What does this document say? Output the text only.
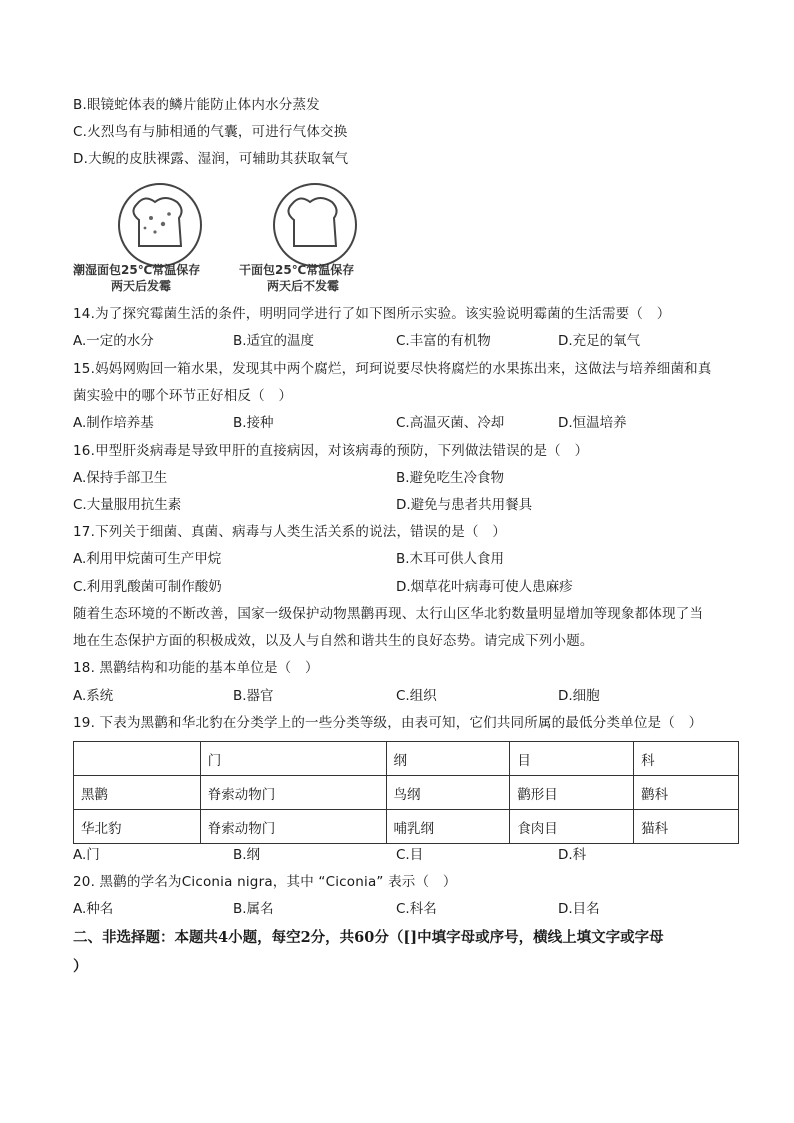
B.眼镜蛇体表的鳞片能防止体内水分蒸发
C.火烈鸟有与肺相通的气囊，可进行气体交换
D.大鲵的皮肤裸露、湿润，可辅助其获取氧气
潮湿面包25℃常温保存
两天后发霉
干面包25℃常温保存
两天后不发霉
14.为了探究霉菌生活的条件，明明同学进行了如下图所示实验。该实验说明霉菌的生活需要（　）
A.一定的水分	B.适宜的温度	C.丰富的有机物	D.充足的氧气
15.妈妈网购回一箱水果，发现其中两个腐烂，珂珂说要尽快将腐烂的水果拣出来，这做法与培养细菌和真
菌实验中的哪个环节正好相反（　）
A.制作培养基	B.接种	C.高温灭菌、冷却	D.恒温培养
16.甲型肝炎病毒是导致甲肝的直接病因，对该病毒的预防，下列做法错误的是（　）
A.保持手部卫生	B.避免吃生冷食物
C.大量服用抗生素	D.避免与患者共用餐具
17.下列关于细菌、真菌、病毒与人类生活关系的说法，错误的是（　）
A.利用甲烷菌可生产甲烷	B.木耳可供人食用
C.利用乳酸菌可制作酸奶	D.烟草花叶病毒可使人患麻疹
随着生态环境的不断改善，国家一级保护动物黑鹳再现、太行山区华北豹数量明显增加等现象都体现了当
地在生态保护方面的积极成效，以及人与自然和谐共生的良好态势。请完成下列小题。
18. 黑鹳结构和功能的基本单位是（　）
A.系统	B.器官	C.组织	D.细胞
19. 下表为黑鹳和华北豹在分类学上的一些分类等级，由表可知，它们共同所属的最低分类单位是（　）
	门	纲	目	科
黑鹳	脊索动物门	鸟纲	鹳形目	鹳科
华北豹	脊索动物门	哺乳纲	食肉目	猫科
A.门	B.纲	C.目	D.科
20. 黑鹳的学名为Ciconia nigra，其中 “Ciconia” 表示（　）
A.种名	B.属名	C.科名	D.目名
二、非选择题：本题共4小题，每空2分，共60分（[]中填字母或序号，横线上填文字或字母
）
